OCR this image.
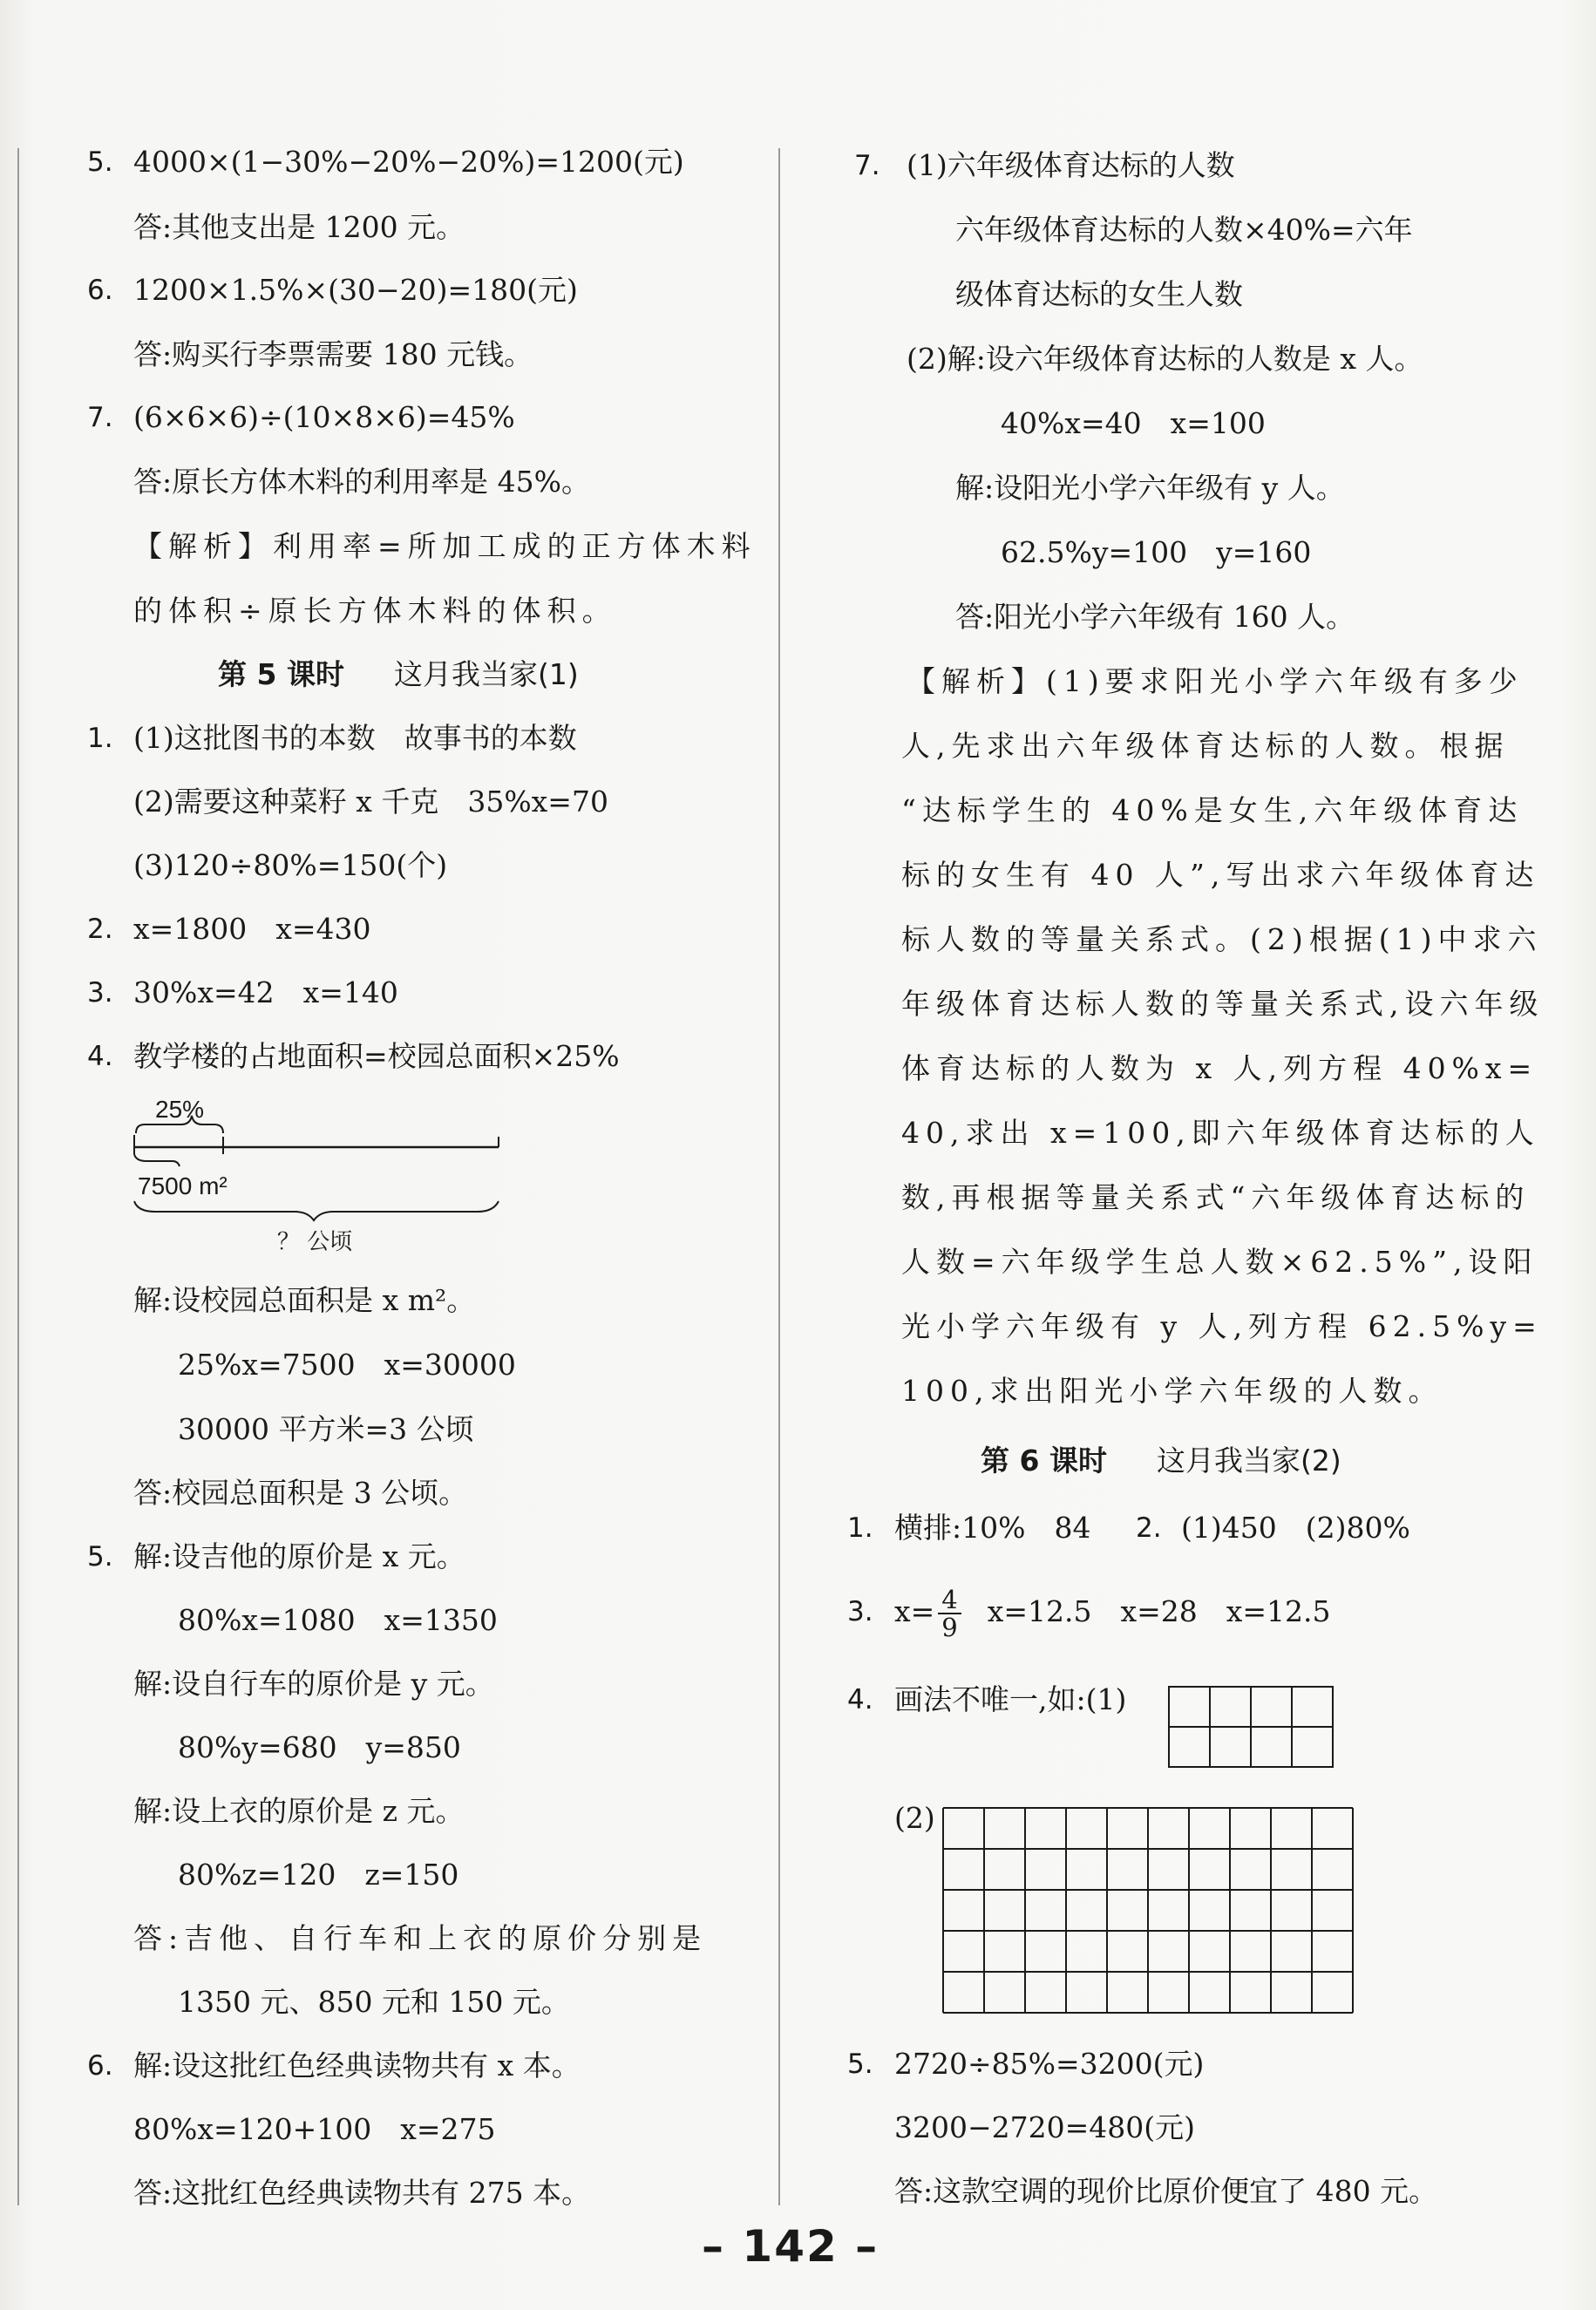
5. 4000×(1−30%−20%−20%)=1200(元)
答:其他支出是 1200 元。
6. 1200×1.5%×(30−20)=180(元)
答:购买行李票需要 180 元钱。
7. (6×6×6)÷(10×8×6)=45%
答:原长方体木料的利用率是 45%。
【解析】利用率=所加工成的正方体木料
的体积÷原长方体木料的体积。
第 5 课时 这月我当家(1)
1. (1)这批图书的本数　故事书的本数
(2)需要这种菜籽 x 千克　35%x=70
(3)120÷80%=150(个)
2. x=1800　x=430
3. 30%x=42　x=140
4. 教学楼的占地面积=校园总面积×25%
25%
7500 m²
？ 公顷
解:设校园总面积是 x m²。
25%x=7500　x=30000
30000 平方米=3 公顷
答:校园总面积是 3 公顷。
5. 解:设吉他的原价是 x 元。
80%x=1080　x=1350
解:设自行车的原价是 y 元。
80%y=680　y=850
解:设上衣的原价是 z 元。
80%z=120　z=150
答:吉他、自行车和上衣的原价分别是
1350 元、850 元和 150 元。
6. 解:设这批红色经典读物共有 x 本。
80%x=120+100　x=275
答:这批红色经典读物共有 275 本。
7. (1)六年级体育达标的人数
六年级体育达标的人数×40%=六年
级体育达标的女生人数
(2)解:设六年级体育达标的人数是 x 人。
40%x=40　x=100
解:设阳光小学六年级有 y 人。
62.5%y=100　y=160
答:阳光小学六年级有 160 人。
【解析】(1)要求阳光小学六年级有多少
人,先求出六年级体育达标的人数。根据
“达标学生的 40%是女生,六年级体育达
标的女生有 40 人”,写出求六年级体育达
标人数的等量关系式。(2)根据(1)中求六
年级体育达标人数的等量关系式,设六年级
体育达标的人数为 x 人,列方程 40%x=
40,求出 x=100,即六年级体育达标的人
数,再根据等量关系式“六年级体育达标的
人数=六年级学生总人数×62.5%”,设阳
光小学六年级有 y 人,列方程 62.5%y=
100,求出阳光小学六年级的人数。
第 6 课时 这月我当家(2)
1. 横排:10%　84 2. (1)450　(2)80%
3. $x= \frac{4}{9} x=12.5$　x=28　x=12.5
4. 画法不唯一,如:(1)

(2)
5. 2720÷85%=3200(元)
3200−2720=480(元)
答:这款空调的现价比原价便宜了 480 元。
– 142 –
